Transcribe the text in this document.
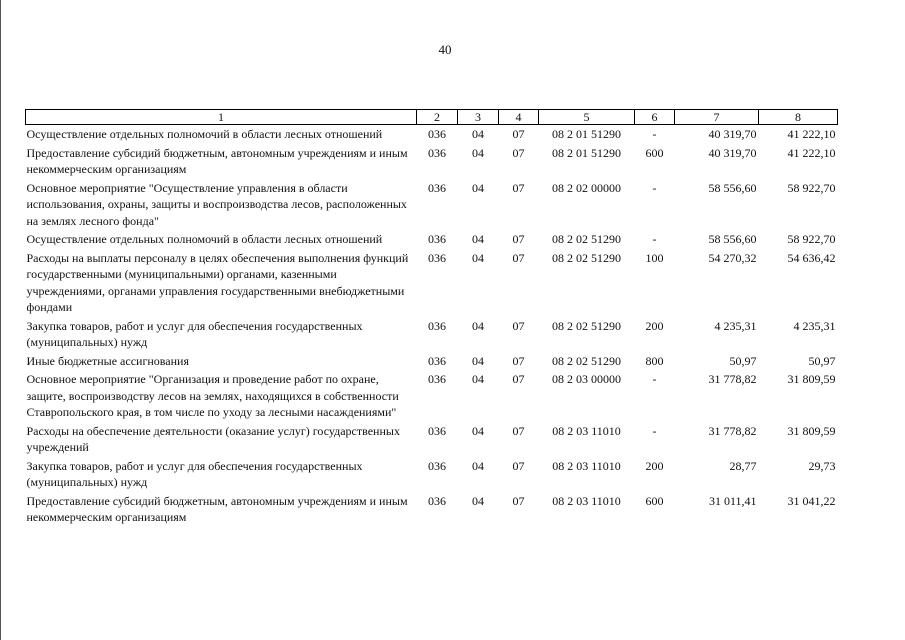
40
1	2	3	4	5	6	7	8
Осуществление отдельных полномочий в области лесных отношений	036	04	07	08 2 01 51290	-	40 319,70	41 222,10
Предоставление субсидий бюджетным, автономным учреждениям и иным некоммерческим организациям	036	04	07	08 2 01 51290	600	40 319,70	41 222,10
Основное мероприятие "Осуществление управления в области использования, охраны, защиты и воспроизводства лесов, расположенных на землях лесного фонда"	036	04	07	08 2 02 00000	-	58 556,60	58 922,70
Осуществление отдельных полномочий в области лесных отношений	036	04	07	08 2 02 51290	-	58 556,60	58 922,70
Расходы на выплаты персоналу в целях обеспечения выполнения функций государственными (муниципальными) органами, казенными учреждениями, органами управления государственными внебюджетными фондами	036	04	07	08 2 02 51290	100	54 270,32	54 636,42
Закупка товаров, работ и услуг для обеспечения государственных (муниципальных) нужд	036	04	07	08 2 02 51290	200	4 235,31	4 235,31
Иные бюджетные ассигнования	036	04	07	08 2 02 51290	800	50,97	50,97
Основное мероприятие "Организация и проведение работ по охране, защите, воспроизводству лесов на землях, находящихся в собственности Ставропольского края, в том числе по уходу за лесными насаждениями"	036	04	07	08 2 03 00000	-	31 778,82	31 809,59
Расходы на обеспечение деятельности (оказание услуг) государственных учреждений	036	04	07	08 2 03 11010	-	31 778,82	31 809,59
Закупка товаров, работ и услуг для обеспечения государственных (муниципальных) нужд	036	04	07	08 2 03 11010	200	28,77	29,73
Предоставление субсидий бюджетным, автономным учреждениям и иным некоммерческим организациям	036	04	07	08 2 03 11010	600	31 011,41	31 041,22
